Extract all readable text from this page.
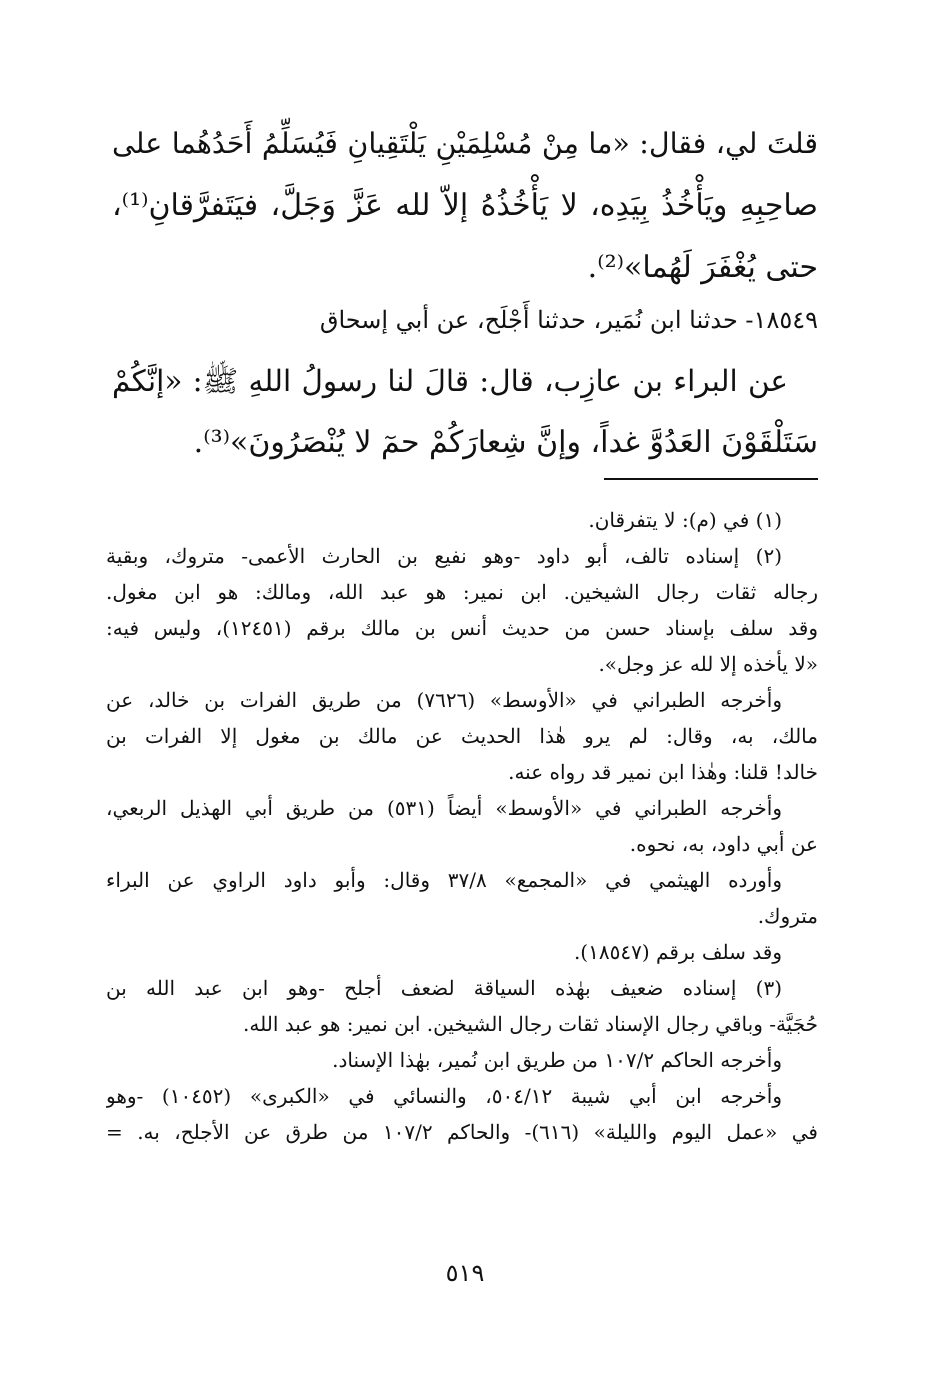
قلتَ لي، فقال: «ما مِنْ مُسْلِمَيْنِ يَلْتَقِيانِ فَيُسَلِّمُ أَحَدُهُما على
صاحِبِهِ ويَأْخُذُ بِيَدِه، لا يَأْخُذُهُ إلاّ لله عَزَّ وَجَلَّ، فيَتَفرَّقانِ⁽¹⁾،
حتى يُغْفَرَ لَهُما»⁽²⁾.
١٨٥٤٩- حدثنا ابن نُمَير، حدثنا أَجْلَح، عن أبي إسحاق
عن البراء بن عازِب، قال: قالَ لنا رسولُ اللهِ ﷺ: «إنَّكُمْ
سَتَلْقَوْنَ العَدُوَّ غداً، وإنَّ شِعارَكُمْ حمٓ لا يُنْصَرُونَ»⁽³⁾.
(١) في (م): لا يتفرقان.
(٢) إسناده تالف، أبو داود -وهو نفيع بن الحارث الأعمى- متروك، وبقية
رجاله ثقات رجال الشيخين. ابن نمير: هو عبد الله، ومالك: هو ابن مغول.
وقد سلف بإسناد حسن من حديث أنس بن مالك برقم (١٢٤٥١)، وليس فيه:
«لا يأخذه إلا لله عز وجل».
وأخرجه الطبراني في «الأوسط» (٧٦٢٦) من طريق الفرات بن خالد، عن
مالك، به، وقال: لم يرو هٰذا الحديث عن مالك بن مغول إلا الفرات بن
خالد! قلنا: وهٰذا ابن نمير قد رواه عنه.
وأخرجه الطبراني في «الأوسط» أيضاً (٥٣١) من طريق أبي الهذيل الربعي،
عن أبي داود، به، نحوه.
وأورده الهيثمي في «المجمع» ٣٧/٨ وقال: وأبو داود الراوي عن البراء
متروك.
وقد سلف برقم (١٨٥٤٧).
(٣) إسناده ضعيف بهٰذه السياقة لضعف أجلح -وهو ابن عبد الله بن
حُجَيَّة- وباقي رجال الإسناد ثقات رجال الشيخين. ابن نمير: هو عبد الله.
وأخرجه الحاكم ١٠٧/٢ من طريق ابن نُمير، بهٰذا الإسناد.
وأخرجه ابن أبي شيبة ٥٠٤/١٢، والنسائي في «الكبرى» (١٠٤٥٢) -وهو
في «عمل اليوم والليلة» (٦١٦)- والحاكم ١٠٧/٢ من طرق عن الأجلح، به. =
٥١٩
